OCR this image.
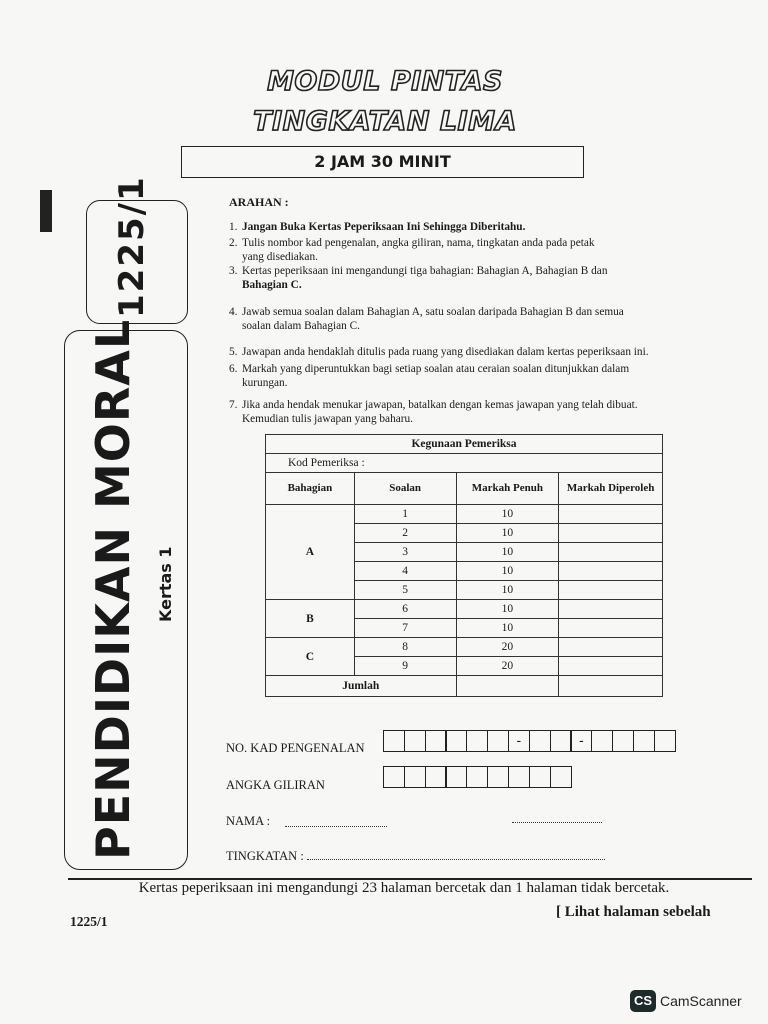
MODUL PINTAS
TINGKATAN LIMA
2 JAM 30 MINIT
1225/1
PENDIDIKAN MORAL Kertas 1
ARAHAN :
1. Jangan Buka Kertas Peperiksaan Ini Sehingga Diberitahu.
2. Tulis nombor kad pengenalan, angka giliran, nama, tingkatan anda pada petak
yang disediakan.
3. Kertas peperiksaan ini mengandungi tiga bahagian: Bahagian A, Bahagian B dan
Bahagian C.
4. Jawab semua soalan dalam Bahagian A, satu soalan daripada Bahagian B dan semua
soalan dalam Bahagian C.
5. Jawapan anda hendaklah ditulis pada ruang yang disediakan dalam kertas peperiksaan ini.
6. Markah yang diperuntukkan bagi setiap soalan atau ceraian soalan ditunjukkan dalam
kurungan.
7. Jika anda hendak menukar jawapan, batalkan dengan kemas jawapan yang telah dibuat.
Kemudian tulis jawapan yang baharu.
Kegunaan Pemeriksa			
Kod Pemeriksa :			
Bahagian	Soalan	Markah Penuh	Markah Diperoleh
A	1	10	
	2	10	
	3	10	
	4	10	
	5	10	
B	6	10	
	7	10	
C	8	20	
	9	20	
Jumlah			
NO. KAD PENGENALAN	-	-
ANGKA GILIRAN
NAMA :
TINGKATAN :
Kertas peperiksaan ini mengandungi 23 halaman bercetak dan 1 halaman tidak bercetak.
1225/1
[ Lihat halaman sebelah
CS CamScanner
